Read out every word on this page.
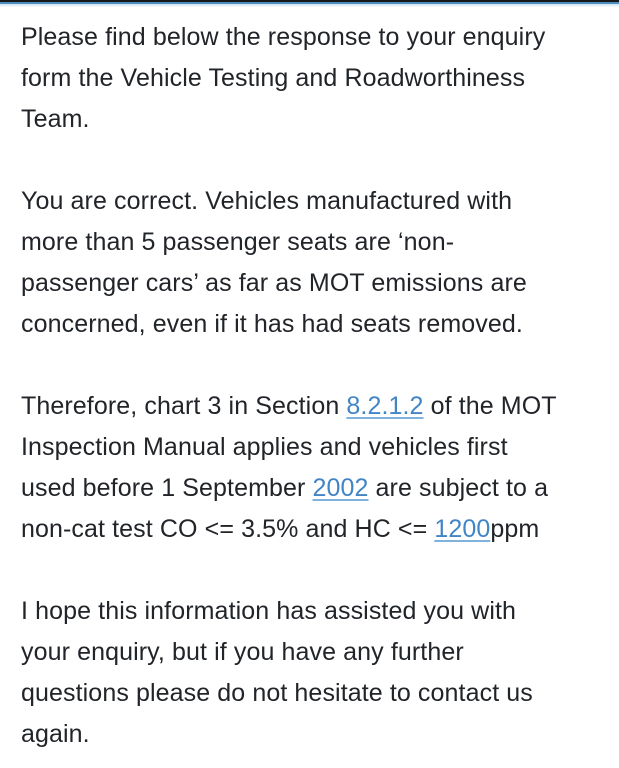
Please find below the response to your enquiry
form the Vehicle Testing and Roadworthiness
Team.
You are correct. Vehicles manufactured with
more than 5 passenger seats are ‘non-
passenger cars’ as far as MOT emissions are
concerned, even if it has had seats removed.
Therefore, chart 3 in Section 8.2.1.2 of the MOT
Inspection Manual applies and vehicles first
used before 1 September 2002 are subject to a
non-cat test CO <= 3.5% and HC <= 1200ppm
I hope this information has assisted you with
your enquiry, but if you have any further
questions please do not hesitate to contact us
again.
